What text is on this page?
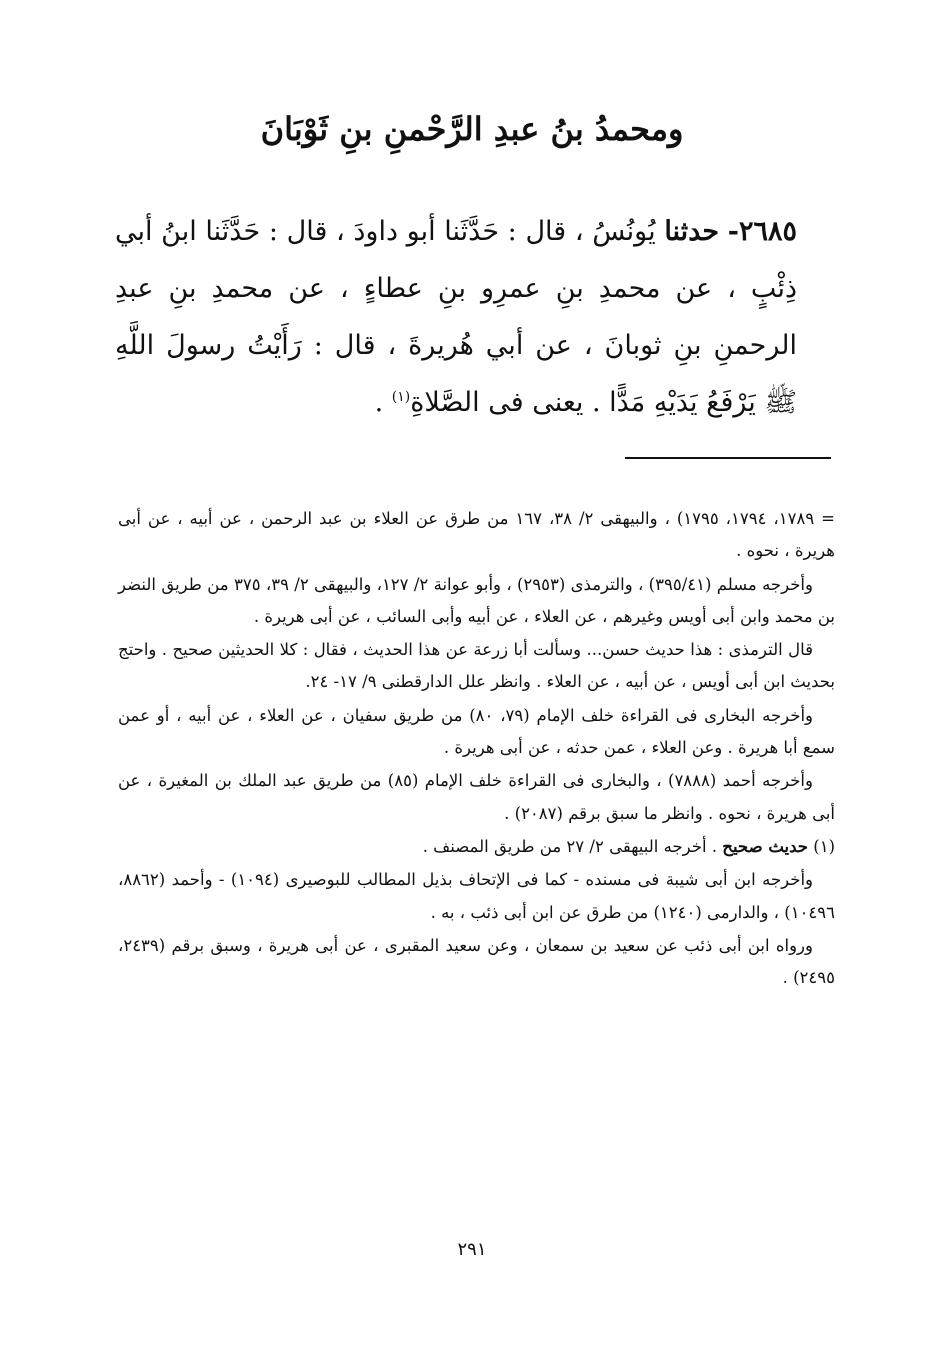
ومحمدُ بنُ عبدِ الرَّحْمنِ بنِ ثَوْبَانَ
٢٦٨٥- حدثنا يُونُسُ ، قال : حَدَّثَنا أبو داودَ ، قال : حَدَّثَنا ابنُ أبي ذِئْبٍ ، عن محمدِ بنِ عمرِو بنِ عطاءٍ ، عن محمدِ بنِ عبدِ الرحمنِ بنِ ثوبانَ ، عن أبي هُريرةَ ، قال : رَأَيْتُ رسولَ اللَّهِ ﷺ يَرْفَعُ يَدَيْهِ مَدًّا . يعنى فى الصَّلاةِ$^{(١)}$ .

= ١٧٨٩، ١٧٩٤، ١٧٩٥) ، والبيهقى ٢/ ٣٨، ١٦٧ من طرق عن العلاء بن عبد الرحمن ، عن أبيه ، عن أبى هريرة ، نحوه .

وأخرجه مسلم (٣٩٥/٤١) ، والترمذى (٢٩٥٣) ، وأبو عوانة ٢/ ١٢٧، والبيهقى ٢/ ٣٩، ٣٧٥ من طريق النضر بن محمد وابن أبى أويس وغيرهم ، عن العلاء ، عن أبيه وأبى السائب ، عن أبى هريرة .

قال الترمذى : هذا حديث حسن... وسألت أبا زرعة عن هذا الحديث ، فقال : كلا الحديثين صحيح . واحتج بحديث ابن أبى أويس ، عن أبيه ، عن العلاء . وانظر علل الدارقطنى ٩/ ١٧- ٢٤.

وأخرجه البخارى فى القراءة خلف الإمام (٧٩، ٨٠) من طريق سفيان ، عن العلاء ، عن أبيه ، أو عمن سمع أبا هريرة . وعن العلاء ، عمن حدثه ، عن أبى هريرة .

وأخرجه أحمد (٧٨٨٨) ، والبخارى فى القراءة خلف الإمام (٨٥) من طريق عبد الملك بن المغيرة ، عن أبى هريرة ، نحوه . وانظر ما سبق برقم (٢٠٨٧) .

(١) حديث صحيح . أخرجه البيهقى ٢/ ٢٧ من طريق المصنف .

وأخرجه ابن أبى شيبة فى مسنده - كما فى الإتحاف بذيل المطالب للبوصيرى (١٠٩٤) - وأحمد (٨٨٦٢، ١٠٤٩٦) ، والدارمى (١٢٤٠) من طرق عن ابن أبى ذئب ، به .

ورواه ابن أبى ذئب عن سعيد بن سمعان ، وعن سعيد المقبرى ، عن أبى هريرة ، وسبق برقم (٢٤٣٩، ٢٤٩٥) .

٢٩١
